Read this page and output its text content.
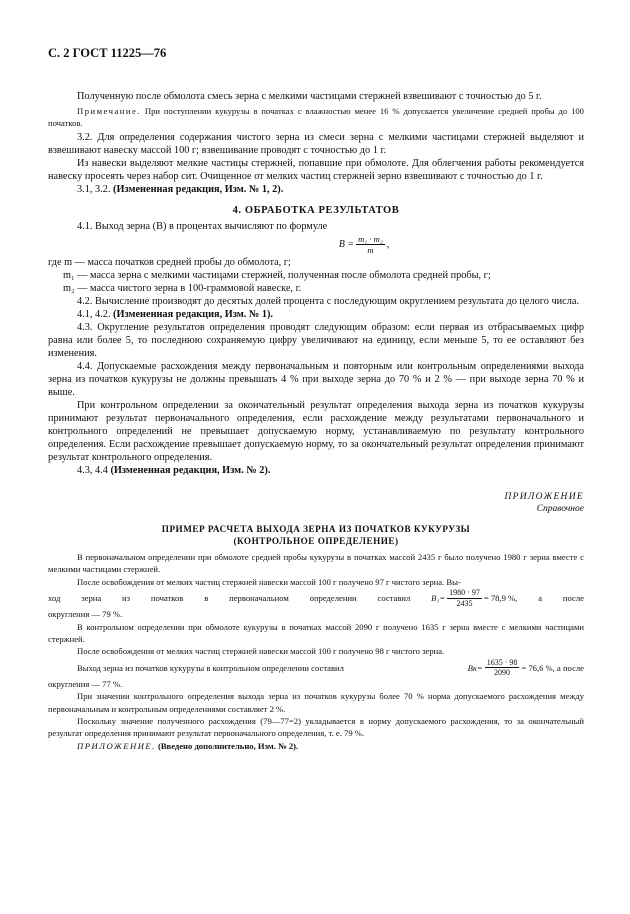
С. 2 ГОСТ 11225—76

Полученную после обмолота смесь зерна с мелкими частицами стержней взвешивают с точностью до 5 г.

Примечание. При поступлении кукурузы в початках с влажностью менее 16 % допускается увеличение средней пробы до 100 початков.

3.2. Для определения содержания чистого зерна из смеси зерна с мелкими частицами стержней выделяют и взвешивают навеску массой 100 г; взвешивание проводят с точностью до 1 г.

Из навески выделяют мелкие частицы стержней, попавшие при обмолоте. Для облегчения работы рекомендуется навеску просеять через набор сит. Очищенное от мелких частиц стержней зерно взвешивают с точностью до 1 г.

3.1, 3.2. (Измененная редакция, Изм. № 1, 2).

4. ОБРАБОТКА РЕЗУЛЬТАТОВ

4.1. Выход зерна (B) в процентах вычисляют по формуле

$B = \frac{\text{m₁ · m₂}}{m}$ ,

где m — масса початков средней пробы до обмолота, г;

m₁ — масса зерна с мелкими частицами стержней, полученная после обмолота средней пробы, г;

m₂ — масса чистого зерна в 100-граммовой навеске, г.

4.2. Вычисление производят до десятых долей процента с последующим округлением результата до целого числа.

4.1, 4.2. (Измененная редакция, Изм. № 1).

4.3. Округление результатов определения проводят следующим образом: если первая из отбрасываемых цифр равна или более 5, то последнюю сохраняемую цифру увеличивают на единицу, если меньше 5, то ее оставляют без изменения.

4.4. Допускаемые расхождения между первоначальным и повторным или контрольным определениями выхода зерна из початков кукурузы не должны превышать 4 % при выходе зерна до 70 % и 2 % — при выходе зерна 70 % и выше.

При контрольном определении за окончательный результат определения выхода зерна из початков кукурузы принимают результат первоначального определения, если расхождение между результатами первоначального и контрольного определений не превышает допускаемую норму, устанавливаемую по результату контрольного определения. Если расхождение превышает допускаемую норму, то за окончательный результат определения принимают результат контрольного определения.

4.3, 4.4 (Измененная редакция, Изм. № 2).

ПРИЛОЖЕНИЕ
Справочное
ПРИМЕР РАСЧЕТА ВЫХОДА ЗЕРНА ИЗ ПОЧАТКОВ КУКУРУЗЫ
(КОНТРОЛЬНОЕ ОПРЕДЕЛЕНИЕ)

В первоначальном определении при обмолоте средней пробы кукурузы в початках массой 2435 г было получено 1980 г зерна вместе с мелкими частицами стержней.

После освобождения от мелких частиц стержней навески массой 100 г получено 97 г чистого зерна. Вы-

ход зерна из початков в первоначальном определении составил $B_1= \frac{1980 \cdot 97}{2435} = 78,9$ %, а после

округления — 79 %.

В контрольном определении при обмолоте кукурузы в початках массой 2090 г получено 1635 г зерна вместе с мелкими частицами стержней.

После освобождения от мелких частиц стержней навески массой 100 г получено 98 г чистого зерна.

Выход зерна из початков кукурузы в контрольном определении составил	$Bк= \frac{1635 \cdot 98}{2090} = 76,6$ %, а после

округления — 77 %.

При значении контрольного определения выхода зерна из початков кукурузы более 70 % норма допускаемого расхождения между первоначальным и контрольным определениями составляет 2 %.

Поскольку значение полученного расхождения (79—77=2) укладывается в норму допускаемого расхождения, то за окончательный результат определения принимают результат первоначального определения, т. е. 79 %.

ПРИЛОЖЕНИЕ. (Введено дополнительно, Изм. № 2).
